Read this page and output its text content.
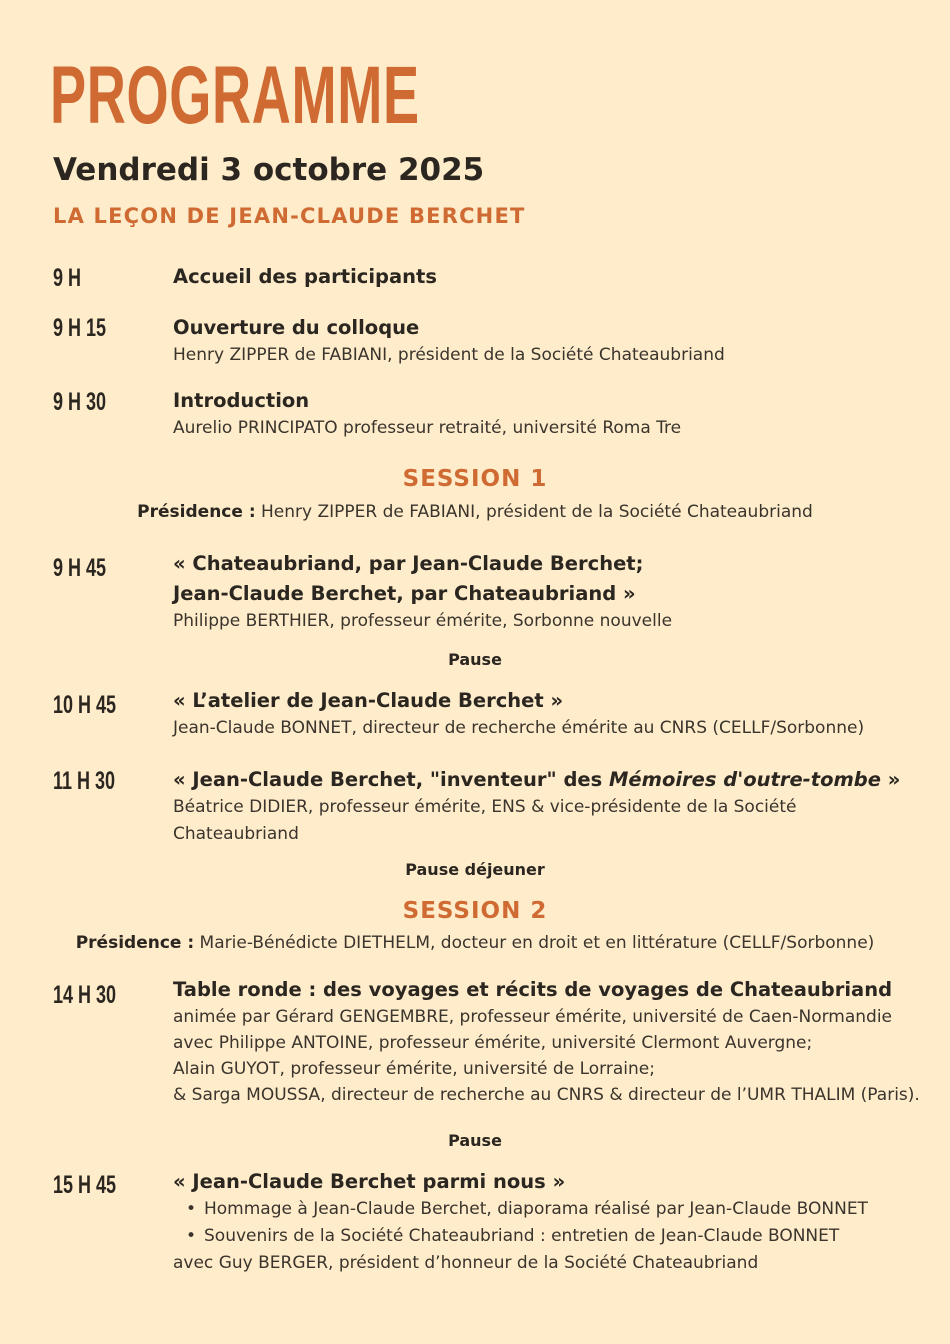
PROGRAMME
Vendredi 3 octobre 2025
LA LEÇON DE JEAN-CLAUDE BERCHET
9 H	Accueil des participants
9 H 15	Ouverture du colloque
Henry ZIPPER de FABIANI, président de la Société Chateaubriand
9 H 30	Introduction
Aurelio PRINCIPATO professeur retraité, université Roma Tre
SESSION 1
Présidence : Henry ZIPPER de FABIANI, président de la Société Chateaubriand
9 H 45	« Chateaubriand, par Jean-Claude Berchet;
Jean-Claude Berchet, par Chateaubriand »
Philippe BERTHIER, professeur émérite, Sorbonne nouvelle
Pause
10 H 45	« L’atelier de Jean-Claude Berchet »
Jean-Claude BONNET, directeur de recherche émérite au CNRS (CELLF/Sorbonne)
11 H 30	« Jean-Claude Berchet, "inventeur" des Mémoires d'outre-tombe »
Béatrice DIDIER, professeur émérite, ENS & vice-présidente de la Société
Chateaubriand
Pause déjeuner
SESSION 2
Présidence : Marie-Bénédicte DIETHELM, docteur en droit et en littérature (CELLF/Sorbonne)
14 H 30	Table ronde : des voyages et récits de voyages de Chateaubriand
animée par Gérard GENGEMBRE, professeur émérite, université de Caen-Normandie
avec Philippe ANTOINE, professeur émérite, université Clermont Auvergne;
Alain GUYOT, professeur émérite, université de Lorraine;
& Sarga MOUSSA, directeur de recherche au CNRS & directeur de l’UMR THALIM (Paris).
Pause
15 H 45	« Jean-Claude Berchet parmi nous »
• Hommage à Jean-Claude Berchet, diaporama réalisé par Jean-Claude BONNET
• Souvenirs de la Société Chateaubriand : entretien de Jean-Claude BONNET
avec Guy BERGER, président d’honneur de la Société Chateaubriand
